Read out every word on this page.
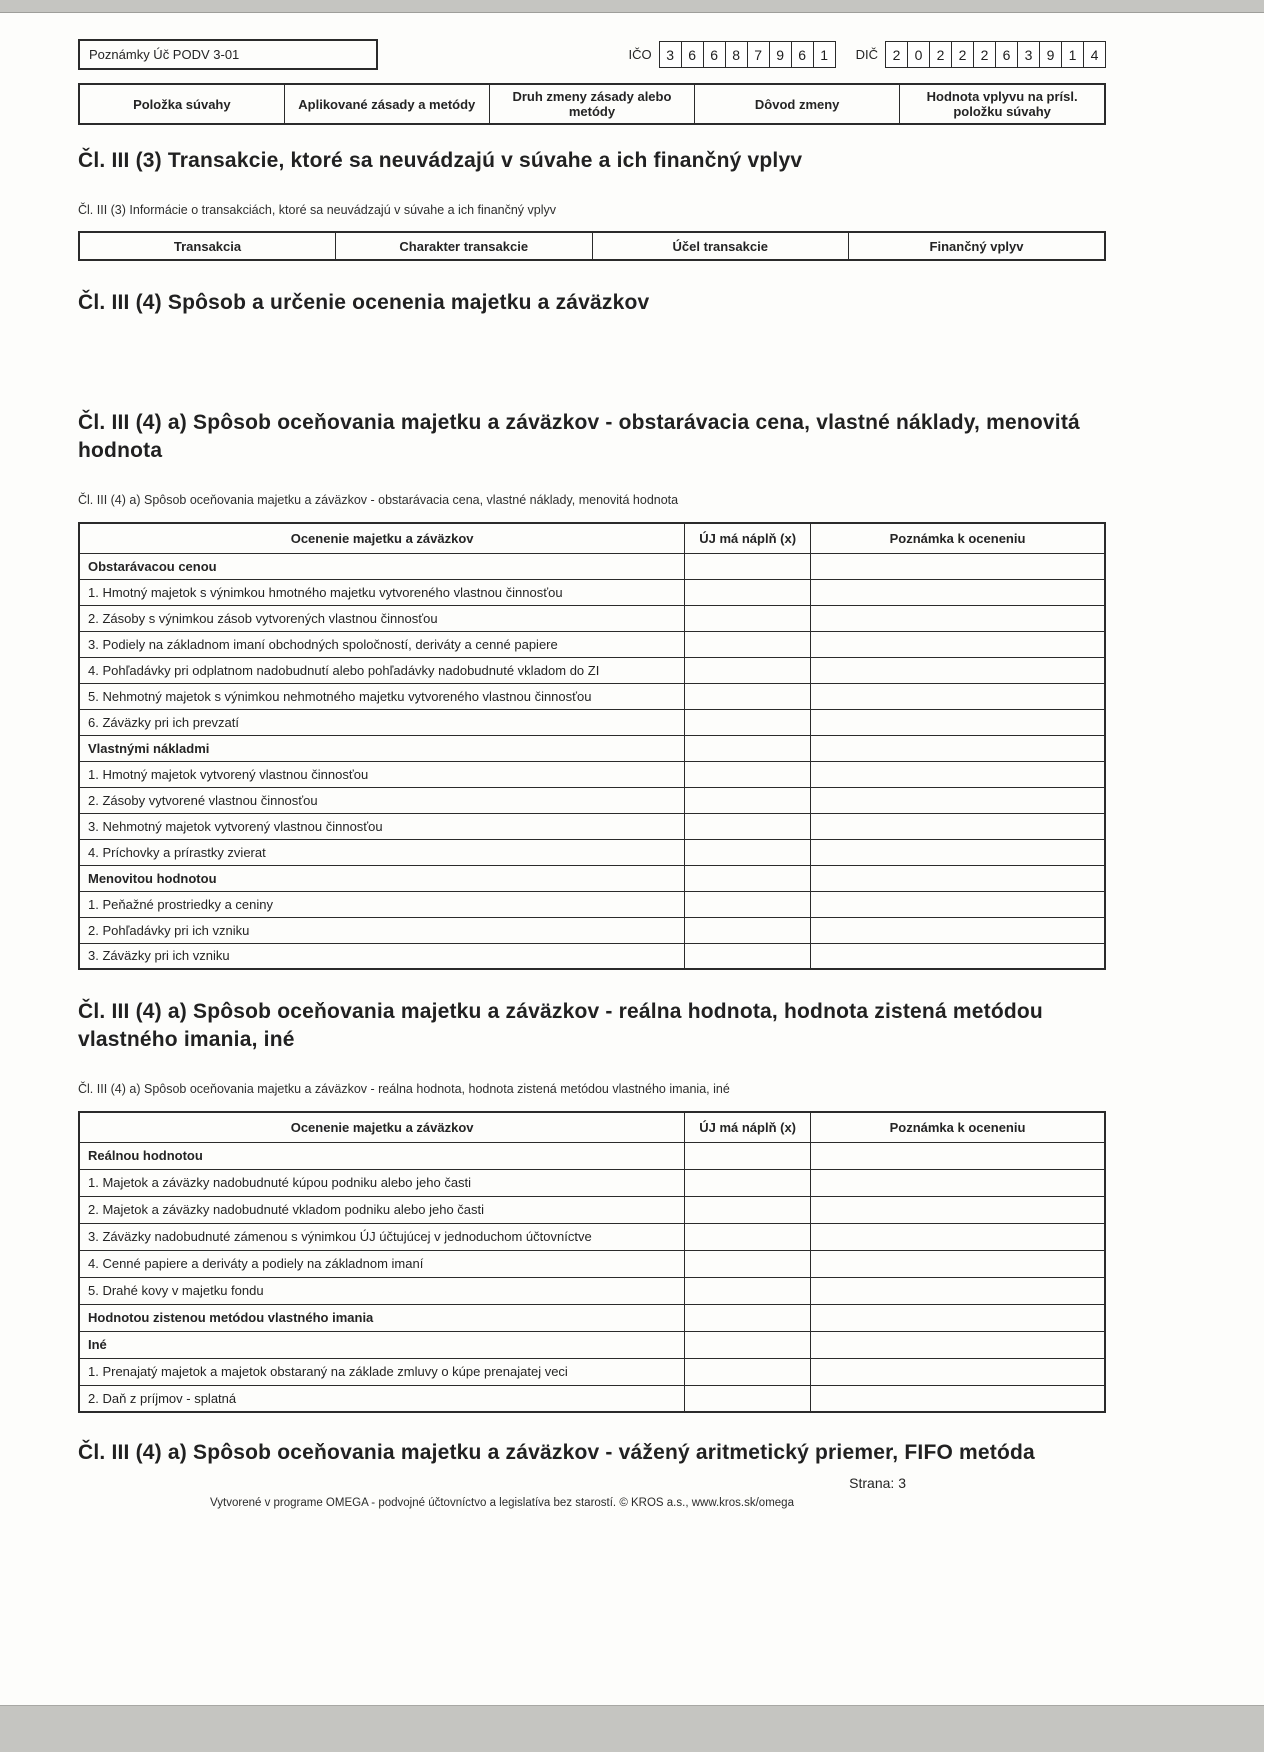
Poznámky Úč PODV 3-01	IČO	3	6	6	8	7	9	6	1	DIČ	2	0	2	2	2	6	3	9	1	4
Položka súvahy	Aplikované zásady a metódy	Druh zmeny zásady alebo metódy	Dôvod zmeny	Hodnota vplyvu na prísl. položku súvahy
Čl. III (3) Transakcie, ktoré sa neuvádzajú v súvahe a ich finančný vplyv

Čl. III (3) Informácie o transakciách, ktoré sa neuvádzajú v súvahe a ich finančný vplyv

Transakcia	Charakter transakcie	Účel transakcie	Finančný vplyv
Čl. III (4) Spôsob a určenie ocenenia majetku a záväzkov
Čl. III (4) a) Spôsob oceňovania majetku a záväzkov - obstarávacia cena, vlastné náklady, menovitá hodnota

Čl. III (4) a) Spôsob oceňovania majetku a záväzkov - obstarávacia cena, vlastné náklady, menovitá hodnota

Ocenenie majetku a záväzkov	ÚJ má náplň (x)	Poznámka k oceneniu
Obstarávacou cenou		
1. Hmotný majetok s výnimkou hmotného majetku vytvoreného vlastnou činnosťou		
2. Zásoby s výnimkou zásob vytvorených vlastnou činnosťou		
3. Podiely na základnom imaní obchodných spoločností, deriváty a cenné papiere		
4. Pohľadávky pri odplatnom nadobudnutí alebo pohľadávky nadobudnuté vkladom do ZI		
5. Nehmotný majetok s výnimkou nehmotného majetku vytvoreného vlastnou činnosťou		
6. Záväzky pri ich prevzatí		
Vlastnými nákladmi		
1. Hmotný majetok vytvorený vlastnou činnosťou		
2. Zásoby vytvorené vlastnou činnosťou		
3. Nehmotný majetok vytvorený vlastnou činnosťou		
4. Príchovky a prírastky zvierat		
Menovitou hodnotou		
1. Peňažné prostriedky a ceniny		
2. Pohľadávky pri ich vzniku		
3. Záväzky pri ich vzniku		
Čl. III (4) a) Spôsob oceňovania majetku a záväzkov - reálna hodnota, hodnota zistená metódou vlastného imania, iné

Čl. III (4) a) Spôsob oceňovania majetku a záväzkov - reálna hodnota, hodnota zistená metódou vlastného imania, iné

Ocenenie majetku a záväzkov	ÚJ má náplň (x)	Poznámka k oceneniu
Reálnou hodnotou		
1. Majetok a záväzky nadobudnuté kúpou podniku alebo jeho časti		
2. Majetok a záväzky nadobudnuté vkladom podniku alebo jeho časti		
3. Záväzky nadobudnuté zámenou s výnimkou ÚJ účtujúcej v jednoduchom účtovníctve		
4. Cenné papiere a deriváty a podiely na základnom imaní		
5. Drahé kovy v majetku fondu		
Hodnotou zistenou metódou vlastného imania		
Iné		
1. Prenajatý majetok a majetok obstaraný na základe zmluvy o kúpe prenajatej veci		
2. Daň z príjmov - splatná		
Čl. III (4) a) Spôsob oceňovania majetku a záväzkov - vážený aritmetický priemer, FIFO metóda
Strana: 3
Vytvorené v programe OMEGA - podvojné účtovníctvo a legislatíva bez starostí. © KROS a.s., www.kros.sk/omega
